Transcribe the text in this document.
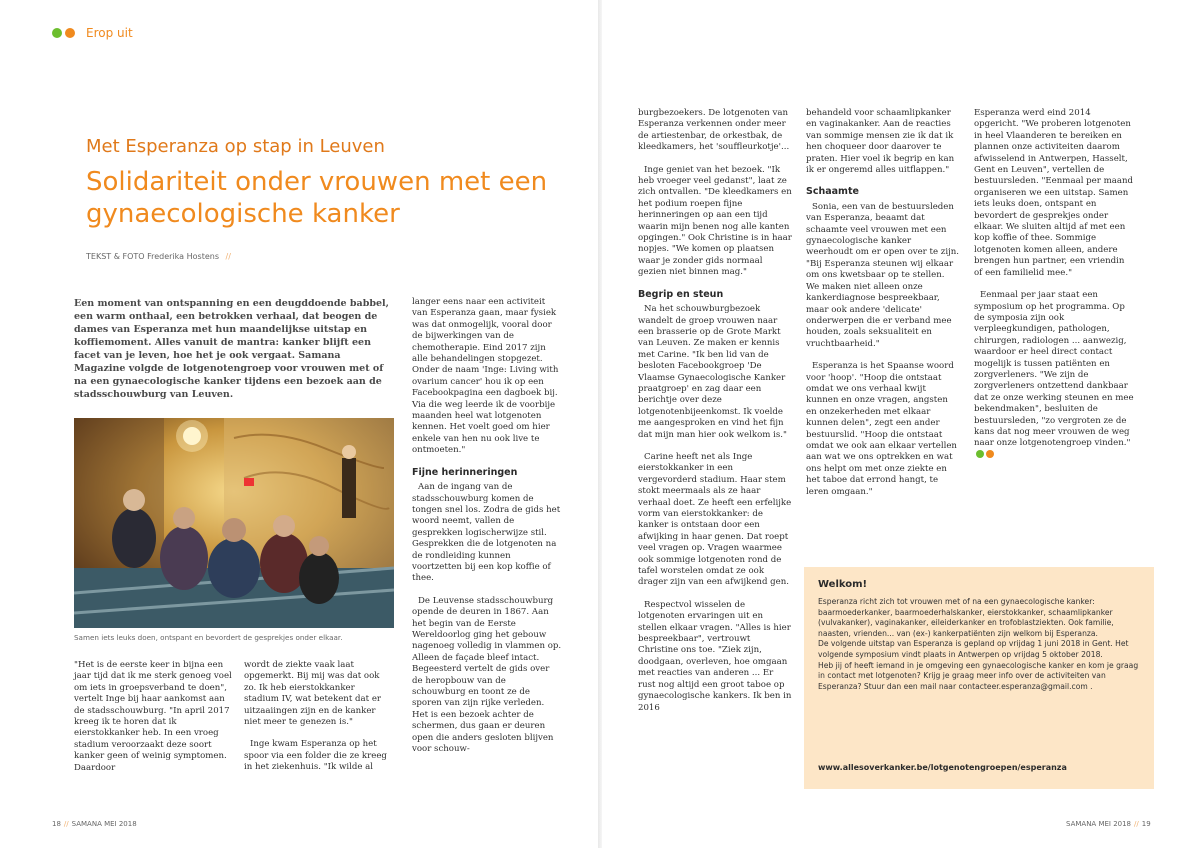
Erop uit
Met Esperanza op stap in Leuven
Solidariteit onder vrouwen met een gynaecologische kanker
TEKST & FOTO Frederika Hostens //

Een moment van ontspanning en een deugddoende babbel, een warm onthaal, een betrokken verhaal, dat beogen de dames van Esperanza met hun maandelijkse uitstap en koffiemoment. Alles vanuit de mantra: kanker blijft een facet van je leven, hoe het je ook vergaat. Samana Magazine volgde de lotgenotengroep voor vrouwen met of na een gynaecologische kanker tijdens een bezoek aan de stadsschouwburg van Leuven.

Samen iets leuks doen, ontspant en bevordert de gesprekjes onder elkaar.

"Het is de eerste keer in bijna een jaar tijd dat ik me sterk genoeg voel om iets in groepsverband te doen", vertelt Inge bij haar aankomst aan de stadsschouwburg. "In april 2017 kreeg ik te horen dat ik eierstokkanker heb. In een vroeg stadium veroorzaakt deze soort kanker geen of weinig symptomen. Daardoor

wordt de ziekte vaak laat opgemerkt. Bij mij was dat ook zo. Ik heb eierstokkanker stadium IV, wat betekent dat er uitzaaiingen zijn en de kanker niet meer te genezen is."

Inge kwam Esperanza op het spoor via een folder die ze kreeg in het ziekenhuis. "Ik wilde al

langer eens naar een activiteit van Esperanza gaan, maar fysiek was dat onmogelijk, vooral door de bijwerkingen van de chemotherapie. Eind 2017 zijn alle behandelingen stopgezet. Onder de naam 'Inge: Living with ovarium cancer' hou ik op een Facebookpagina een dagboek bij. Via die weg leerde ik de voorbije maanden heel wat lotgenoten kennen. Het voelt goed om hier enkele van hen nu ook live te ontmoeten."

Fijne herinneringen

Aan de ingang van de stadsschouwburg komen de tongen snel los. Zodra de gids het woord neemt, vallen de gesprekken logischerwijze stil. Gesprekken die de lotgenoten na de rondleiding kunnen voortzetten bij een kop koffie of thee.

De Leuvense stadsschouwburg opende de deuren in 1867. Aan het begin van de Eerste Wereldoorlog ging het gebouw nagenoeg volledig in vlammen op. Alleen de façade bleef intact. Begeesterd vertelt de gids over de heropbouw van de schouwburg en toont ze de sporen van zijn rijke verleden. Het is een bezoek achter de schermen, dus gaan er deuren open die anders gesloten blijven voor schouw-

burgbezoekers. De lotgenoten van Esperanza verkennen onder meer de artiestenbar, de orkestbak, de kleedkamers, het 'souffleurkotje'...

Inge geniet van het bezoek. "Ik heb vroeger veel gedanst", laat ze zich ontvallen. "De kleedkamers en het podium roepen fijne herinneringen op aan een tijd waarin mijn benen nog alle kanten opgingen." Ook Christine is in haar nopjes. "We komen op plaatsen waar je zonder gids normaal gezien niet binnen mag."

Begrip en steun

Na het schouwburgbezoek wandelt de groep vrouwen naar een brasserie op de Grote Markt van Leuven. Ze maken er kennis met Carine. "Ik ben lid van de besloten Facebookgroep 'De Vlaamse Gynaecologische Kanker praatgroep' en zag daar een berichtje over deze lotgenotenbijeenkomst. Ik voelde me aangesproken en vind het fijn dat mijn man hier ook welkom is."

Carine heeft net als Inge eierstokkanker in een vergevorderd stadium. Haar stem stokt meermaals als ze haar verhaal doet. Ze heeft een erfelijke vorm van eierstokkanker: de kanker is ontstaan door een afwijking in haar genen. Dat roept veel vragen op. Vragen waarmee ook sommige lotgenoten rond de tafel worstelen omdat ze ook drager zijn van een afwijkend gen.

Respectvol wisselen de lotgenoten ervaringen uit en stellen elkaar vragen. "Alles is hier bespreekbaar", vertrouwt Christine ons toe. "Ziek zijn, doodgaan, overleven, hoe omgaan met reacties van anderen ... Er rust nog altijd een groot taboe op gynaecologische kankers. Ik ben in 2016

behandeld voor schaamlipkanker en vaginakanker. Aan de reacties van sommige mensen zie ik dat ik hen choqueer door daarover te praten. Hier voel ik begrip en kan ik er ongeremd alles uitflappen."

Schaamte

Sonia, een van de bestuursleden van Esperanza, beaamt dat schaamte veel vrouwen met een gynaecologische kanker weerhoudt om er open over te zijn. "Bij Esperanza steunen wij elkaar om ons kwetsbaar op te stellen. We maken niet alleen onze kankerdiagnose bespreekbaar, maar ook andere 'delicate' onderwerpen die er verband mee houden, zoals seksualiteit en vruchtbaarheid."

Esperanza is het Spaanse woord voor 'hoop'. "Hoop die ontstaat omdat we ons verhaal kwijt kunnen en onze vragen, angsten en onzekerheden met elkaar kunnen delen", zegt een ander bestuurslid. "Hoop die ontstaat omdat we ook aan elkaar vertellen aan wat we ons optrekken en wat ons helpt om met onze ziekte en het taboe dat errond hangt, te leren omgaan."

Esperanza werd eind 2014 opgericht. "We proberen lotgenoten in heel Vlaanderen te bereiken en plannen onze activiteiten daarom afwisselend in Antwerpen, Hasselt, Gent en Leuven", vertellen de bestuursleden. "Eenmaal per maand organiseren we een uitstap. Samen iets leuks doen, ontspant en bevordert de gesprekjes onder elkaar. We sluiten altijd af met een kop koffie of thee. Sommige lotgenoten komen alleen, andere brengen hun partner, een vriendin of een familielid mee."

Eenmaal per jaar staat een symposium op het programma. Op de symposia zijn ook verpleegkundigen, pathologen, chirurgen, radiologen ... aanwezig, waardoor er heel direct contact mogelijk is tussen patiënten en zorgverleners. "We zijn de zorgverleners ontzettend dankbaar dat ze onze werking steunen en mee bekendmaken", besluiten de bestuursleden, "zo vergroten ze de kans dat nog meer vrouwen de weg naar onze lotgenotengroep vinden."

Welkom!
Esperanza richt zich tot vrouwen met of na een gynaecologische kanker: baarmoederkanker, baarmoederhalskanker, eierstokkanker, schaamlipkanker (vulvakanker), vaginakanker, eileiderkanker en trofoblastziekten. Ook familie, naasten, vrienden... van (ex-) kankerpatiënten zijn welkom bij Esperanza.
De volgende uitstap van Esperanza is gepland op vrijdag 1 juni 2018 in Gent. Het volgende symposium vindt plaats in Antwerpen op vrijdag 5 oktober 2018.
Heb jij of heeft iemand in je omgeving een gynaecologische kanker en kom je graag in contact met lotgenoten? Krijg je graag meer info over de activiteiten van Esperanza? Stuur dan een mail naar contacteer.esperanza@gmail.com .
www.allesoverkanker.be/lotgenotengroepen/esperanza
18 // SAMANA MEI 2018	SAMANA MEI 2018 // 19
